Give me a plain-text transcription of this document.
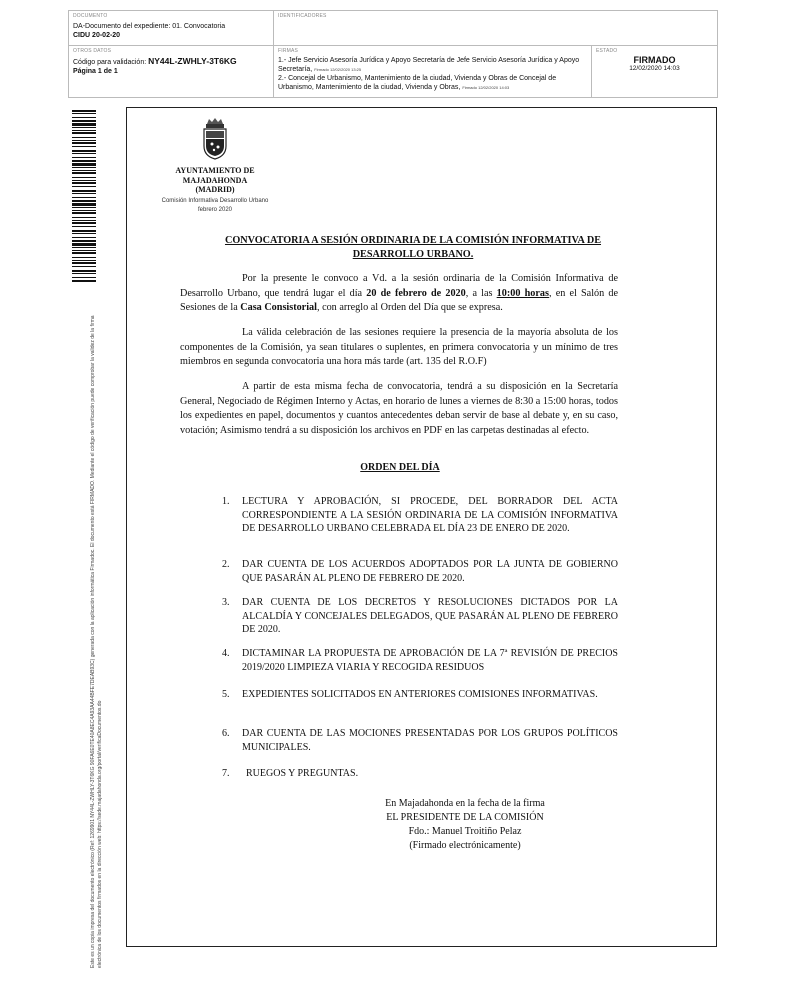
DOCUMENTO
DA-Documento del expediente: 01. Convocatoria
CIDU 20-02-20
IDENTIFICADORES
OTROS DATOS
Código para validación: NY44L-ZWHLY-3T6KG
Página 1 de 1
FIRMAS
1.- Jefe Servicio Asesoría Jurídica y Apoyo Secretaría de Jefe Servicio Asesoría Jurídica y Apoyo Secretaría, Firmado 12/02/2020 13:25
2.- Concejal de Urbanismo, Mantenimiento de la ciudad, Vivienda y Obras de Concejal de Urbanismo, Mantenimiento de la ciudad, Vivienda y Obras, Firmado 12/02/2020 14:03
ESTADO
FIRMADO
12/02/2020 14:03
Este es un copia impresa del documento electrónico (Ref: 1269901 NY44L-ZWHLY-3T6KG 90FA6E0TE40A8EC4A93AA44BFE7DEAB93C) generada con la aplicación informática Firmadoc. El documento está FIRMADO. Mediante el código de verificación puede comprobar la validez de la firma electrónica de los documentos firmados en la dirección web: https://sede.majadahonda.org/portal/verificaDocumentos.do
AYUNTAMIENTO DE
MAJADAHONDA
(MADRID)
Comisión Informativa Desarrollo Urbano
febrero 2020
CONVOCATORIA A SESIÓN ORDINARIA DE LA COMISIÓN INFORMATIVA DE DESARROLLO URBANO.
Por la presente le convoco a Vd. a la sesión ordinaria de la Comisión Informativa de Desarrollo Urbano, que tendrá lugar el día 20 de febrero de 2020, a las 10:00 horas, en el Salón de Sesiones de la Casa Consistorial, con arreglo al Orden del Día que se expresa.
La válida celebración de las sesiones requiere la presencia de la mayoría absoluta de los componentes de la Comisión, ya sean titulares o suplentes, en primera convocatoria y un mínimo de tres miembros en segunda convocatoria una hora más tarde (art. 135 del R.O.F)
A partir de esta misma fecha de convocatoria, tendrá a su disposición en la Secretaría General, Negociado de Régimen Interno y Actas, en horario de lunes a viernes de 8:30 a 15:00 horas, todos los expedientes en papel, documentos y cuantos antecedentes deban servir de base al debate y, en su caso, votación; Asimismo tendrá a su disposición los archivos en PDF en las carpetas destinadas al efecto.
ORDEN DEL DÍA
1.	LECTURA Y APROBACIÓN, SI PROCEDE, DEL BORRADOR DEL ACTA CORRESPONDIENTE A LA SESIÓN ORDINARIA DE LA COMISIÓN INFORMATIVA DE DESARROLLO URBANO CELEBRADA EL DÍA 23 DE ENERO DE 2020.
2.	DAR CUENTA DE LOS ACUERDOS ADOPTADOS POR LA JUNTA DE GOBIERNO QUE PASARÁN AL PLENO DE FEBRERO DE 2020.
3.	DAR CUENTA DE LOS DECRETOS Y RESOLUCIONES DICTADOS POR LA ALCALDÍA Y CONCEJALES DELEGADOS, QUE PASARÁN AL PLENO DE FEBRERO DE 2020.
4.	DICTAMINAR LA PROPUESTA DE APROBACIÓN DE LA 7ª REVISIÓN DE PRECIOS 2019/2020 LIMPIEZA VIARIA Y RECOGIDA RESIDUOS
5.	EXPEDIENTES SOLICITADOS EN ANTERIORES COMISIONES INFORMATIVAS.
6.	DAR CUENTA DE LAS MOCIONES PRESENTADAS POR LOS GRUPOS POLÍTICOS MUNICIPALES.
7.	RUEGOS Y PREGUNTAS.
En Majadahonda en la fecha de la firma
EL PRESIDENTE DE LA COMISIÓN
Fdo.: Manuel Troitiño Pelaz
(Firmado electrónicamente)
